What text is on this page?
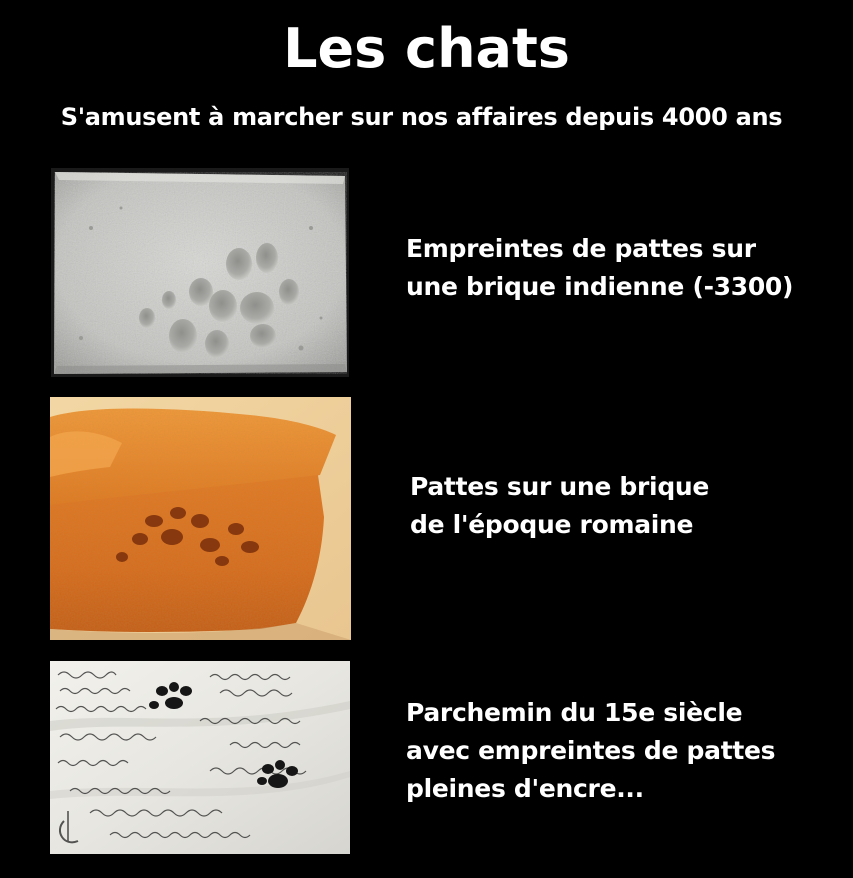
Les chats
S'amusent à marcher sur nos affaires depuis 4000 ans
Empreintes de pattes sur
une brique indienne (-3300)
Pattes sur une brique
de l'époque romaine
Parchemin du 15e siècle
avec empreintes de pattes
pleines d'encre...
